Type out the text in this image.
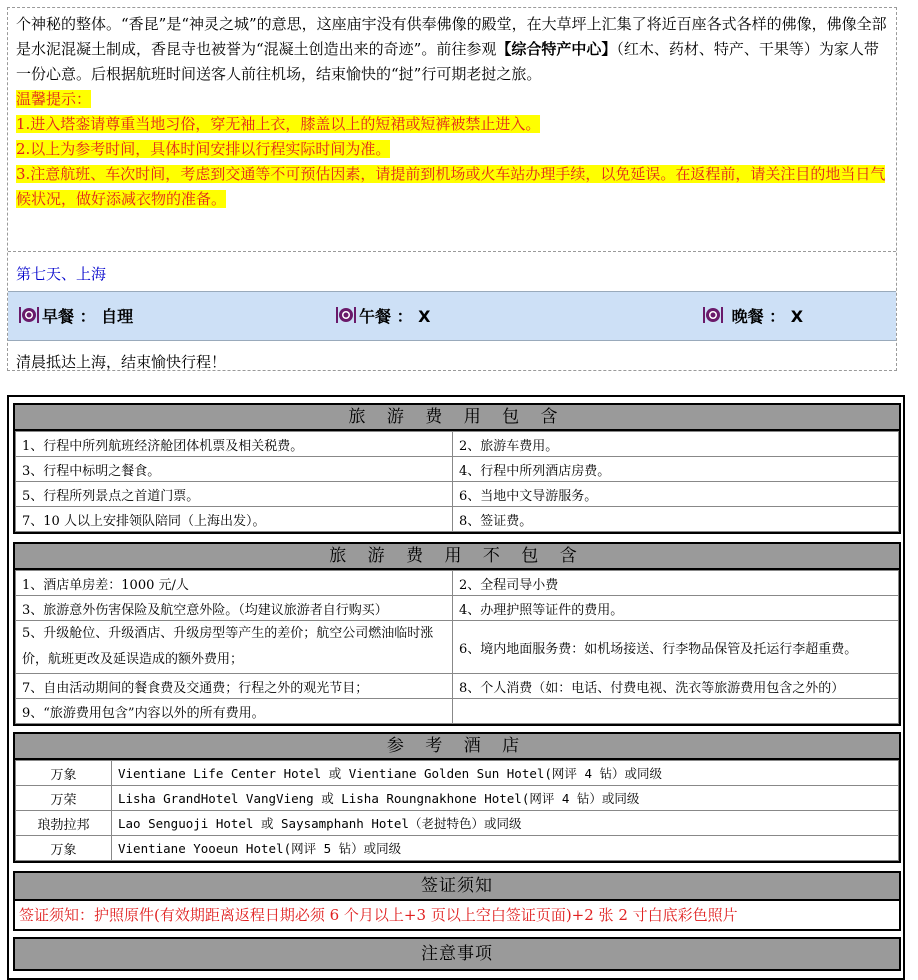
个神秘的整体。“香昆”是“神灵之城”的意思，这座庙宇没有供奉佛像的殿堂，在大草坪上汇集了将近百座各式各样的佛像，佛像全部是水泥混凝土制成，香昆寺也被誉为“混凝土创造出来的奇迹”。前往参观【综合特产中心】（红木、药材、特产、干果等）为家人带一份心意。后根据航班时间送客人前往机场，结束愉快的“挝”行可期老挝之旅。

温馨提示：

1.进入塔銮请尊重当地习俗，穿无袖上衣，膝盖以上的短裙或短裤被禁止进入。

2.以上为参考时间，具体时间安排以行程实际时间为准。

3.注意航班、车次时间，考虑到交通等不可预估因素，请提前到机场或火车站办理手续，以免延误。在返程前，请关注目的地当日气候状况，做好添减衣物的准备。

第七天、上海
早餐 ： 自理	午餐 ： X	晚餐 ： X
清晨抵达上海，结束愉快行程！
旅 游 费 用 包 含
1、行程中所列航班经济舱团体机票及相关税费。	2、旅游车费用。
3、行程中标明之餐食。	4、行程中所列酒店房费。
5、行程所列景点之首道门票。	6、当地中文导游服务。
7、10 人以上安排领队陪同（上海出发）。	8、签证费。
旅 游 费 用 不 包 含
1、酒店单房差：1000 元/人	2、全程司导小费
3、旅游意外伤害保险及航空意外险。（均建议旅游者自行购买）	4、办理护照等证件的费用。
5、升级舱位、升级酒店、升级房型等产生的差价；航空公司燃油临时涨价，航班更改及延误造成的额外费用；	6、境内地面服务费：如机场接送、行李物品保管及托运行李超重费。
7、自由活动期间的餐食费及交通费；行程之外的观光节目；	8、个人消费（如：电话、付费电视、洗衣等旅游费用包含之外的）
9、“旅游费用包含”内容以外的所有费用。	
参 考 酒 店
万象	Vientiane Life Center Hotel 或 Vientiane Golden Sun Hotel(网评 4 钻）或同级
万荣	Lisha GrandHotel VangVieng 或 Lisha Roungnakhone Hotel(网评 4 钻）或同级
琅勃拉邦	Lao Senguoji Hotel 或 Saysamphanh Hotel（老挝特色）或同级
万象	Vientiane Yooeun Hotel(网评 5 钻）或同级
签证须知
签证须知：护照原件(有效期距离返程日期必须 6 个月以上+3 页以上空白签证页面)+2 张 2 寸白底彩色照片
注意事项
